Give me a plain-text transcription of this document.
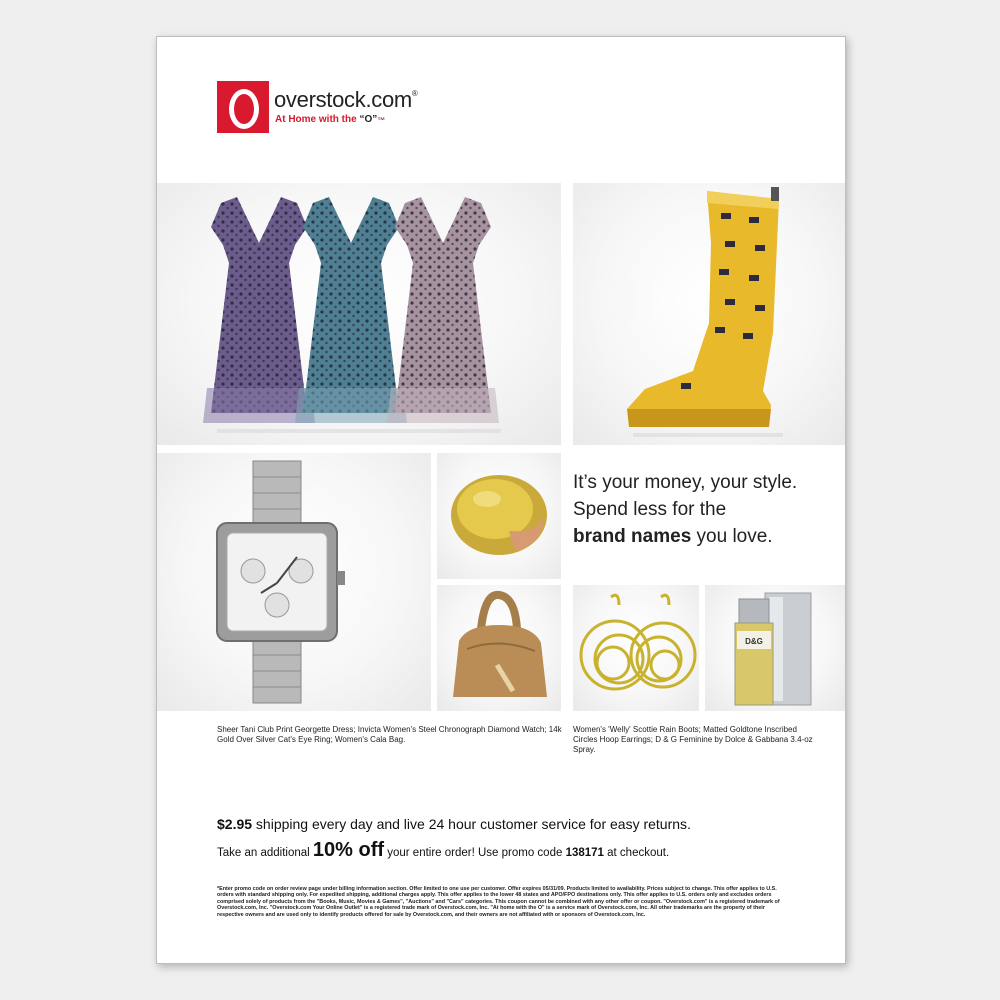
overstock.com®
At Home with the “O”™
It’s your money, your style.
Spend less for the
brand names you love.
D&G
Sheer Tani Club Print Georgette Dress; Invicta Women's Steel Chronograph Diamond Watch; 14k Gold Over Silver Cat's Eye Ring; Women's Cala Bag.
Women's 'Welly' Scottie Rain Boots; Matted Goldtone Inscribed Circles Hoop Earrings; D & G Feminine by Dolce & Gabbana 3.4-oz Spray.
$2.95 shipping every day and live 24 hour customer service for easy returns.
Take an additional 10% off your entire order! Use promo code 138171 at checkout.
*Enter promo code on order review page under billing information section. Offer limited to one use per customer. Offer expires 05/31/09. Products limited to availability. Prices subject to change. This offer applies to U.S. orders with standard shipping only. For expedited shipping, additional charges apply. This offer applies to the lower 48 states and APO/FPO destinations only. This offer applies to U.S. orders only and excludes orders comprised solely of products from the "Books, Music, Movies & Games", "Auctions" and "Cars" categories. This coupon cannot be combined with any other offer or coupon. "Overstock.com" is a registered trademark of Overstock.com, Inc. "Overstock.com Your Online Outlet" is a registered trade mark of Overstock.com, Inc. "At home with the O" is a service mark of Overstock.com, Inc. All other trademarks are the property of their respective owners and are used only to identify products offered for sale by Overstock.com, and their owners are not affiliated with or sponsors of Overstock.com, Inc.
